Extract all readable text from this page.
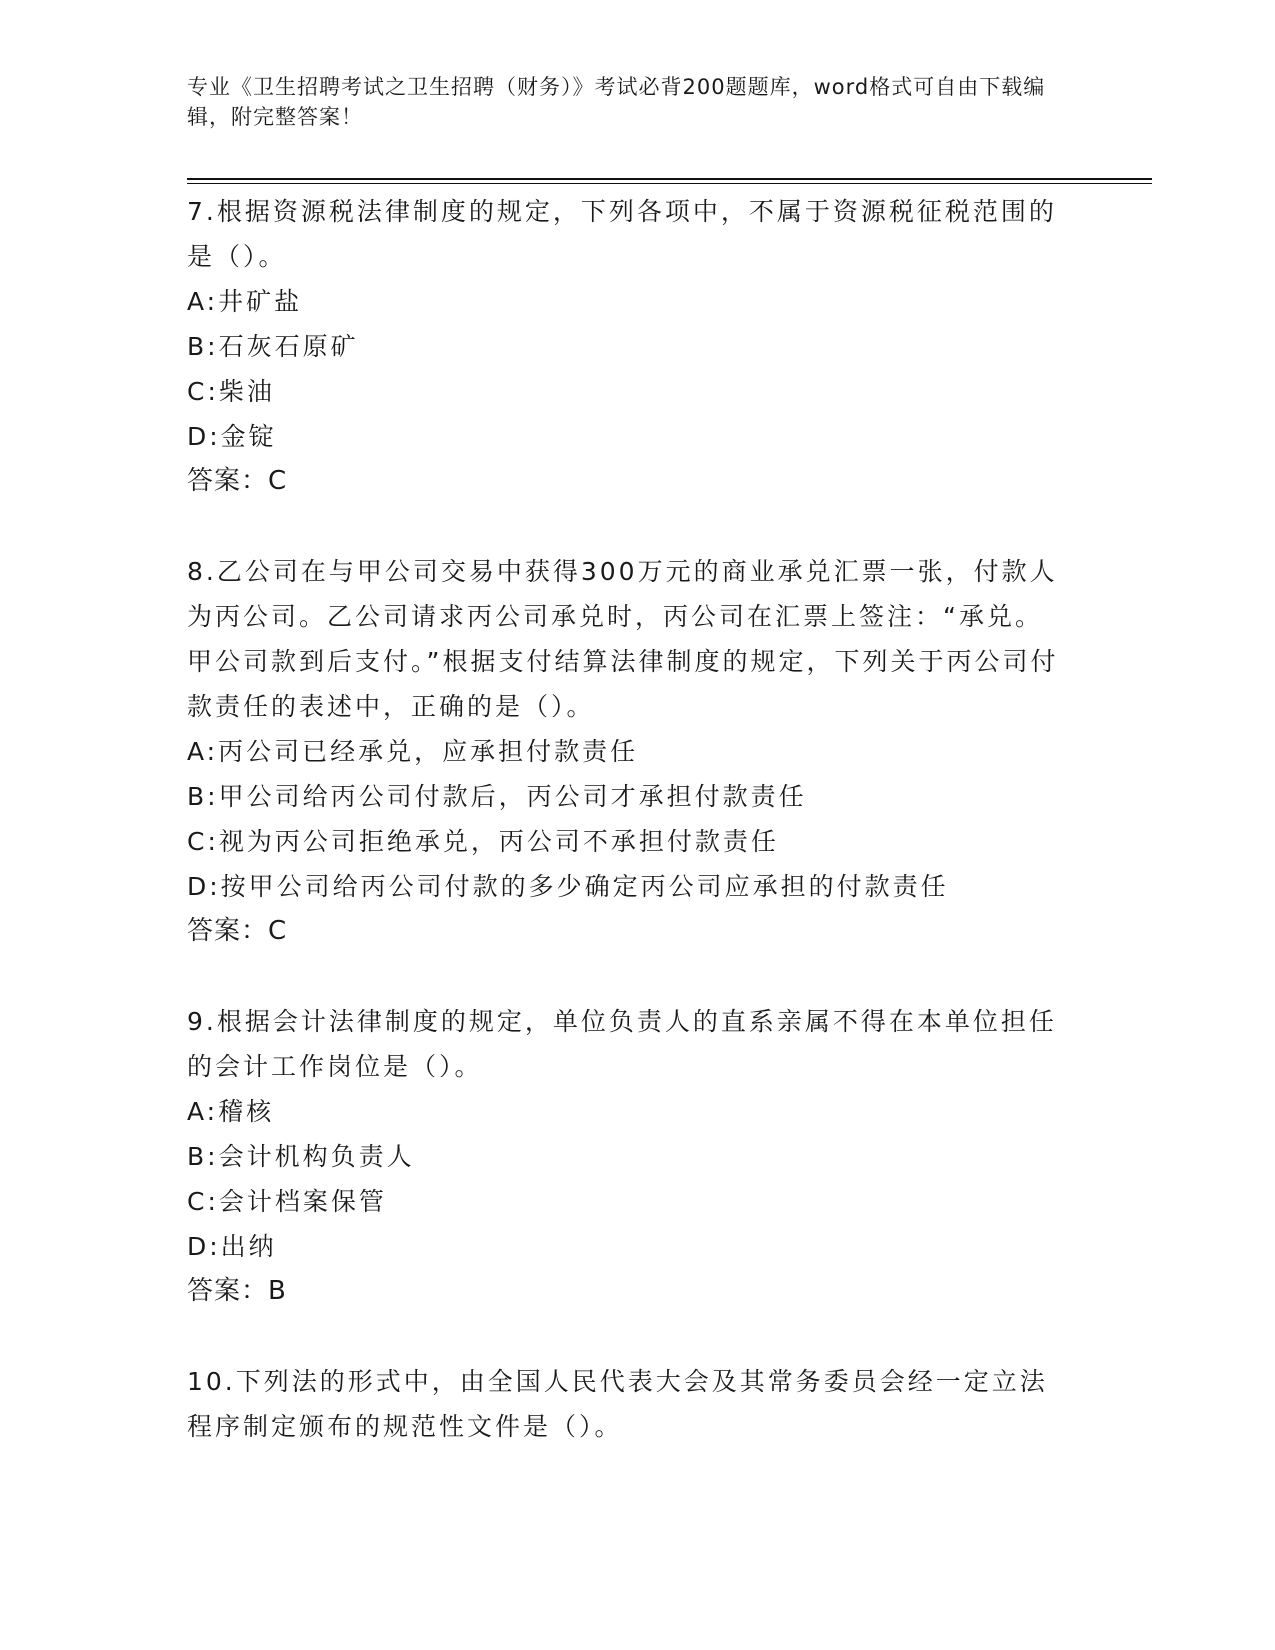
专业《卫生招聘考试之卫生招聘（财务）》考试必背200题题库，word格式可自由下载编辑，附完整答案！

7.根据资源税法律制度的规定，下列各项中，不属于资源税征税范围的是（）。

A:井矿盐

B:石灰石原矿

C:柴油

D:金锭

答案：C

8.乙公司在与甲公司交易中获得300万元的商业承兑汇票一张，付款人为丙公司。乙公司请求丙公司承兑时，丙公司在汇票上签注：“承兑。甲公司款到后支付。”根据支付结算法律制度的规定，下列关于丙公司付款责任的表述中，正确的是（）。

A:丙公司已经承兑，应承担付款责任

B:甲公司给丙公司付款后，丙公司才承担付款责任

C:视为丙公司拒绝承兑，丙公司不承担付款责任

D:按甲公司给丙公司付款的多少确定丙公司应承担的付款责任

答案：C

9.根据会计法律制度的规定，单位负责人的直系亲属不得在本单位担任的会计工作岗位是（）。

A:稽核

B:会计机构负责人

C:会计档案保管

D:出纳

答案：B

10.下列法的形式中，由全国人民代表大会及其常务委员会经一定立法程序制定颁布的规范性文件是（）。
